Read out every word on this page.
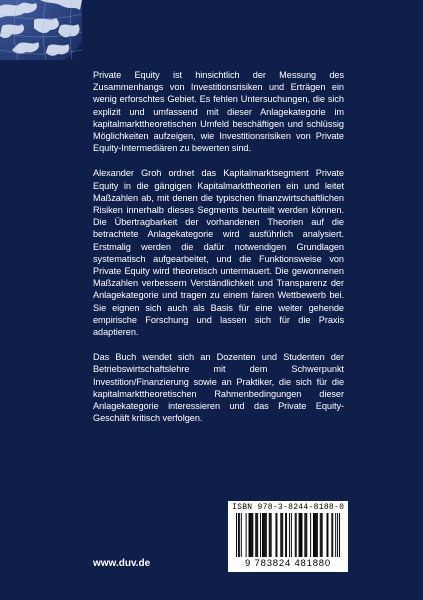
Private Equity ist hinsichtlich der Messung des Zusammenhangs von Investitionsrisiken und Erträgen ein wenig erforschtes Gebiet. Es fehlen Untersuchungen, die sich explizit und umfassend mit dieser Anlagekategorie im kapitalmarkttheoretischen Umfeld beschäftigen und schlüssig Möglichkeiten aufzeigen, wie Investitionsrisiken von Private Equity-Intermediären zu bewerten sind.

Alexander Groh ordnet das Kapitalmarktsegment Private Equity in die gängigen Kapitalmarkttheorien ein und leitet Maßzahlen ab, mit denen die typischen finanzwirtschaftlichen Risiken innerhalb dieses Segments beurteilt werden können. Die Übertragbarkeit der vorhandenen Theorien auf die betrachtete Anlagekategorie wird ausführlich analysiert. Erstmalig werden die dafür notwendigen Grundlagen systematisch aufgearbeitet, und die Funktionsweise von Private Equity wird theoretisch untermauert. Die gewonnenen Maßzahlen verbessern Verständlichkeit und Transparenz der Anlagekategorie und tragen zu einem fairen Wettbewerb bei. Sie eignen sich auch als Basis für eine weiter gehende empirische Forschung und lassen sich für die Praxis adaptieren.

Das Buch wendet sich an Dozenten und Studenten der Betriebswirtschaftslehre mit dem Schwerpunkt Investition/Finanzierung sowie an Praktiker, die sich für die kapitalmarkttheoretischen Rahmenbedingungen dieser Anlagekategorie interessieren und das Private Equity-Geschäft kritisch verfolgen.

ISBN 978-3-8244-8188-0
9 783824 481880
www.duv.de
